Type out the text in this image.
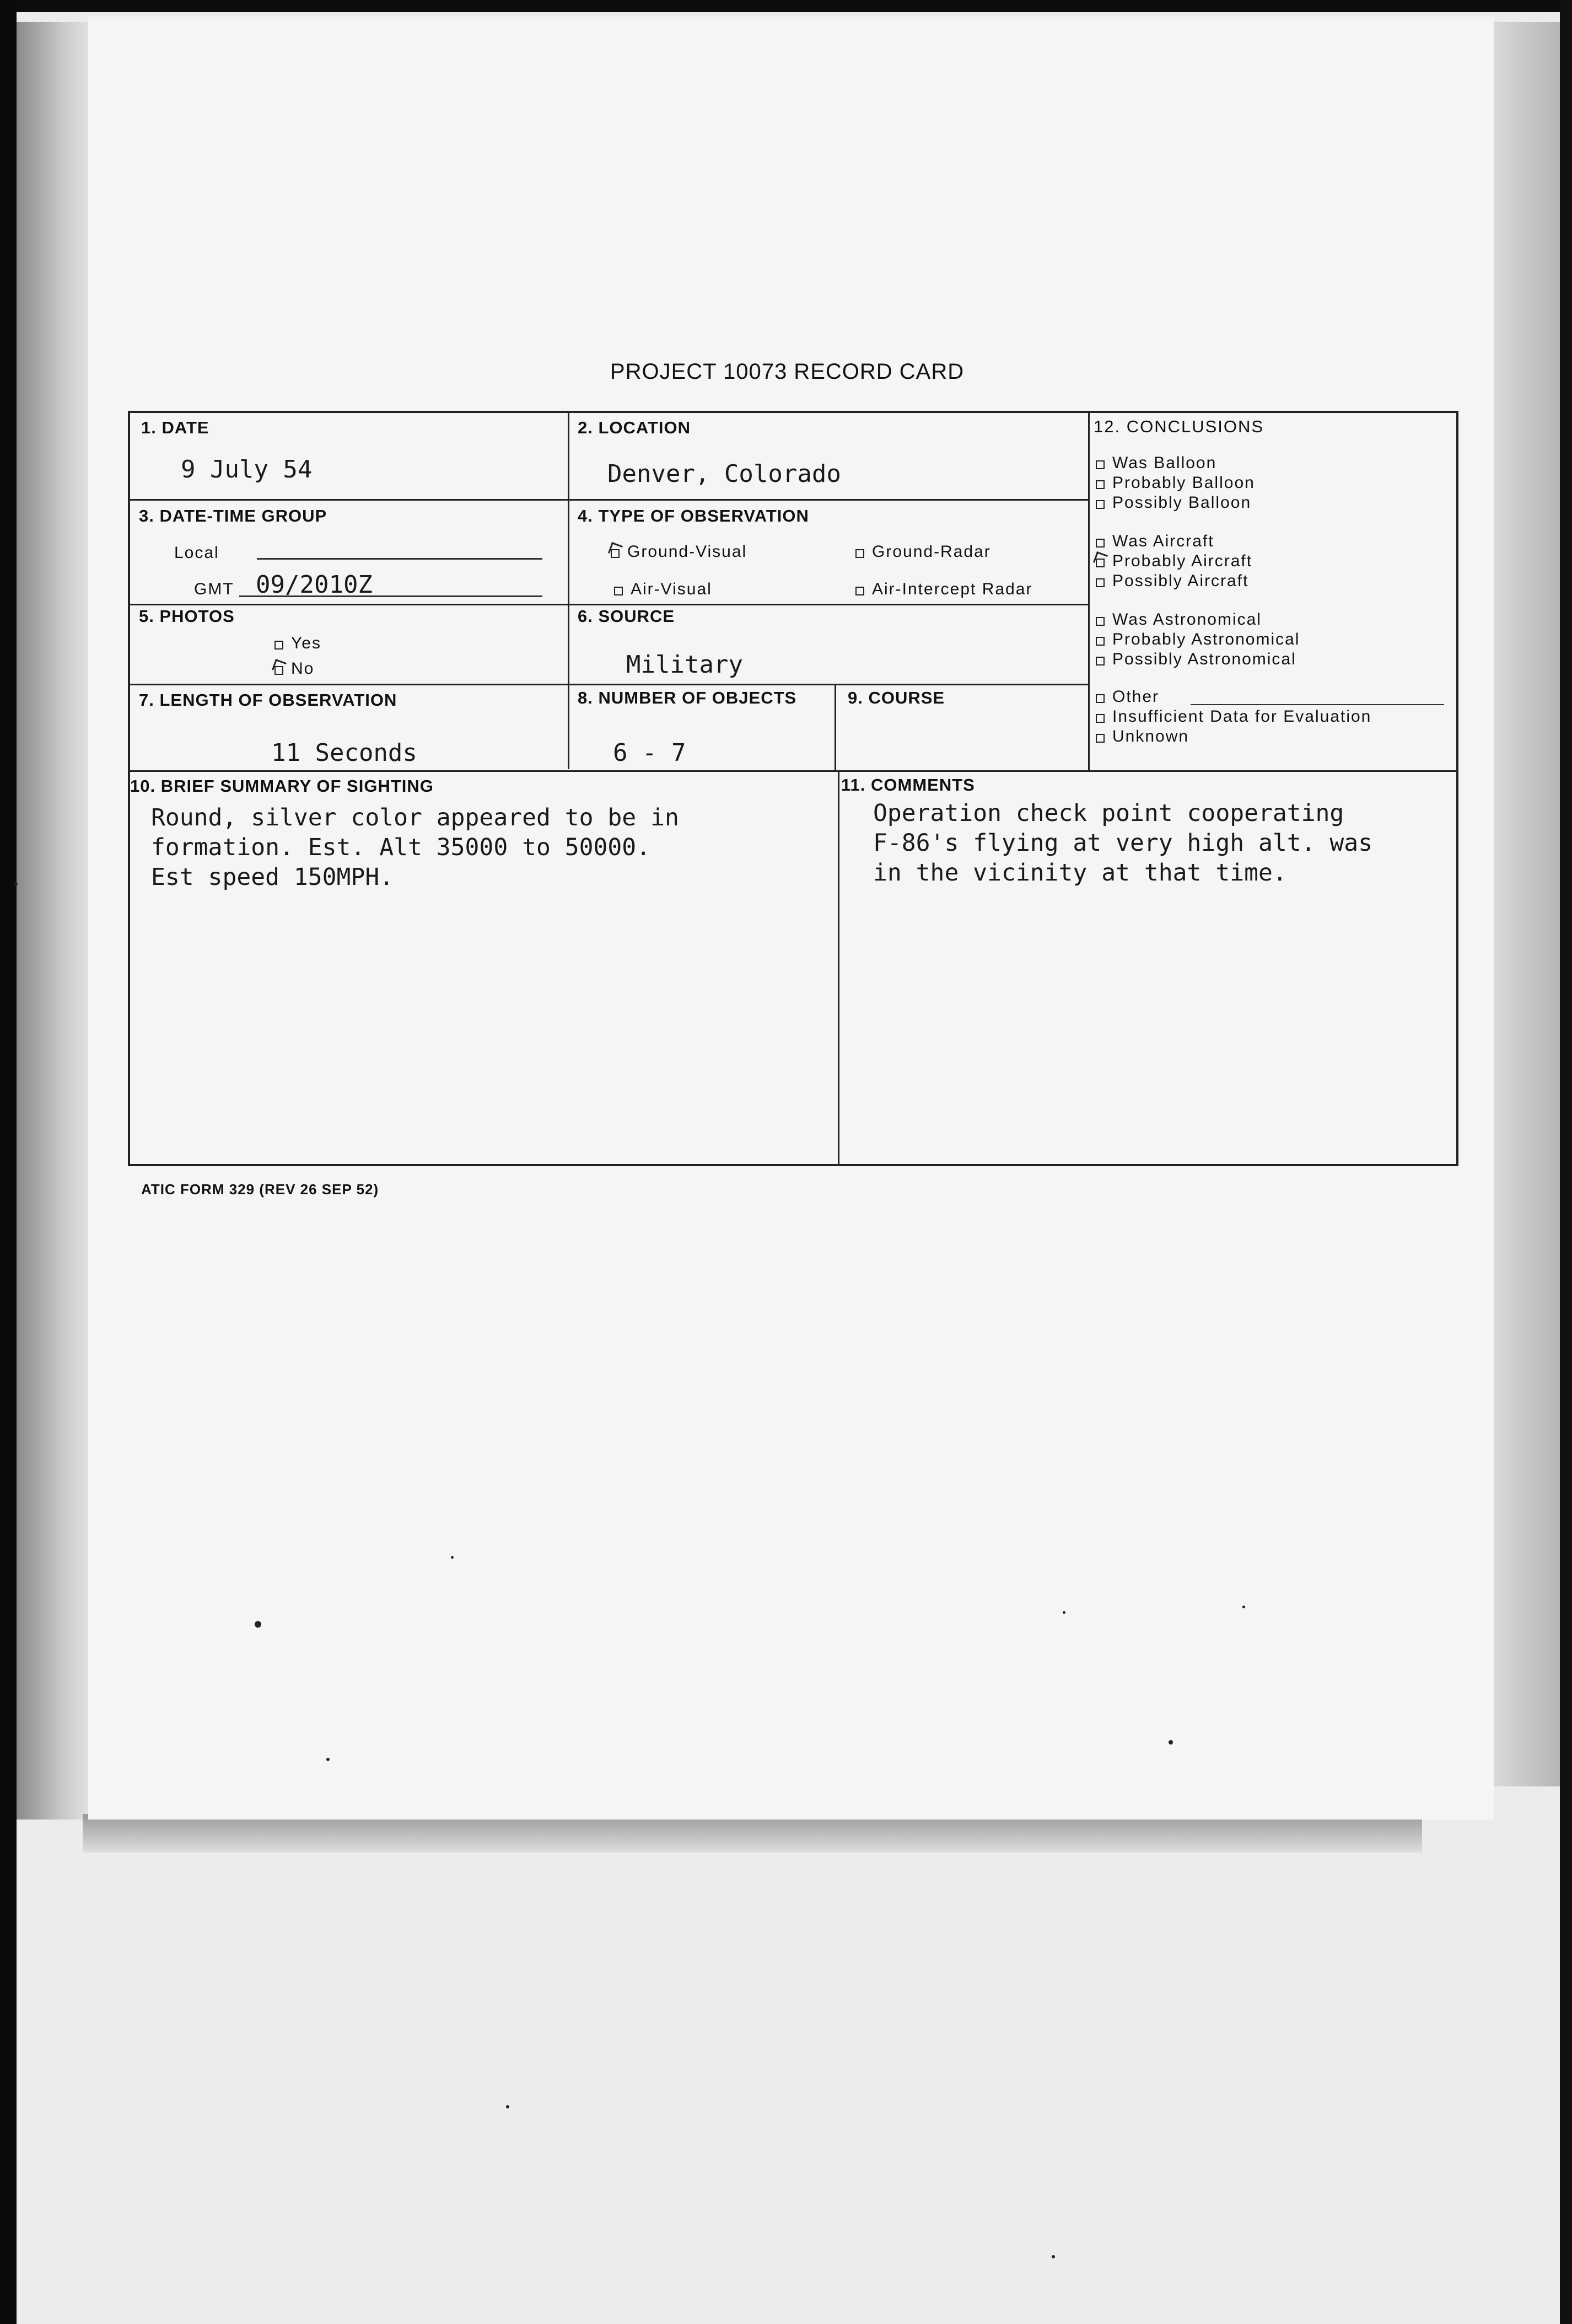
PROJECT 10073 RECORD CARD
1. DATE
9 July 54
2. LOCATION
Denver, Colorado
3. DATE-TIME GROUP
Local
GMT 09/2010Z
4. TYPE OF OBSERVATION
Ground-Visual	Ground-Radar
Air-Visual	Air-Intercept Radar
5. PHOTOS
Yes
No
6. SOURCE
Military
7. LENGTH OF OBSERVATION
11 Seconds
8. NUMBER OF OBJECTS
6 - 7
9. COURSE
10. BRIEF SUMMARY OF SIGHTING
Round, silver color appeared to be in
formation. Est. Alt 35000 to 50000.
Est speed 150MPH.
11. COMMENTS
Operation check point cooperating
F-86's flying at very high alt. was
in the vicinity at that time.
12. CONCLUSIONS
Was Balloon
Probably Balloon
Possibly Balloon
Was Aircraft
Probably Aircraft
Possibly Aircraft
Was Astronomical
Probably Astronomical
Possibly Astronomical
Other
Insufficient Data for Evaluation
Unknown
ATIC FORM 329 (REV 26 SEP 52)
